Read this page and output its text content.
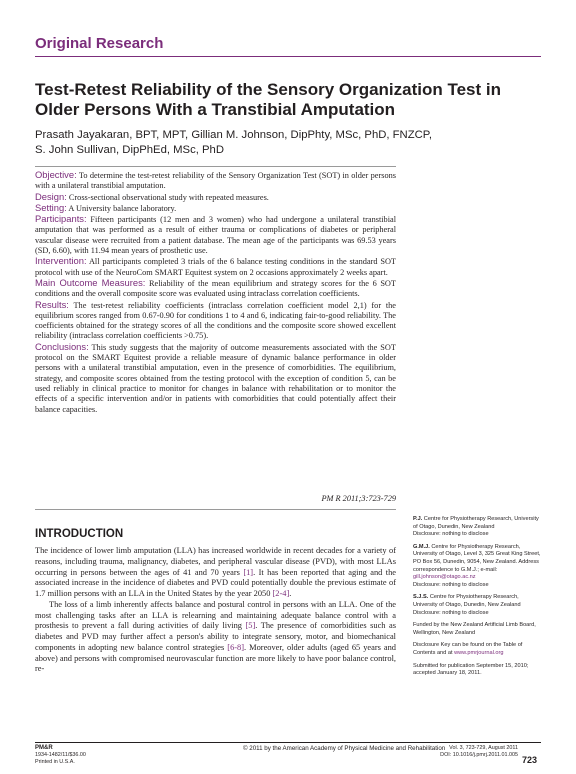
Original Research
Test-Retest Reliability of the Sensory Organization Test in Older Persons With a Transtibial Amputation
Prasath Jayakaran, BPT, MPT, Gillian M. Johnson, DipPhty, MSc, PhD, FNZCP,
S. John Sullivan, DipPhEd, MSc, PhD

Objective: To determine the test-retest reliability of the Sensory Organization Test (SOT) in older persons with a unilateral transtibial amputation.

Design: Cross-sectional observational study with repeated measures.

Setting: A University balance laboratory.

Participants: Fifteen participants (12 men and 3 women) who had undergone a unilateral transtibial amputation that was performed as a result of either trauma or complications of diabetes or peripheral vascular disease were recruited from a patient database. The mean age of the participants was 69.53 years (SD, 6.60), with 11.94 mean years of prosthetic use.

Intervention: All participants completed 3 trials of the 6 balance testing conditions in the standard SOT protocol with use of the NeuroCom SMART Equitest system on 2 occasions approximately 2 weeks apart.

Main Outcome Measures: Reliability of the mean equilibrium and strategy scores for the 6 SOT conditions and the overall composite score was evaluated using intraclass correlation coefficients.

Results: The test-retest reliability coefficients (intraclass correlation coefficient model 2,1) for the equilibrium scores ranged from 0.67-0.90 for conditions 1 to 4 and 6, indicating fair-to-good reliability. The coefficients obtained for the strategy scores of all the conditions and the composite score showed excellent reliability (intraclass correlation coefficients >0.75).

Conclusions: This study suggests that the majority of outcome measurements associated with the SOT protocol on the SMART Equitest provide a reliable measure of dynamic balance performance in older persons with a unilateral transtibial amputation, even in the presence of comorbidities. The equilibrium, strategy, and composite scores obtained from the testing protocol with the exception of condition 5, can be used reliably in clinical practice to monitor for changes in balance with rehabilitation or to monitor the effects of a specific intervention and/or in patients with comorbidities that could potentially affect their balance capacities.

PM R 2011;3:723-729
INTRODUCTION

The incidence of lower limb amputation (LLA) has increased worldwide in recent decades for a variety of reasons, including trauma, malignancy, diabetes, and peripheral vascular disease (PVD), with most LLAs occurring in persons between the ages of 41 and 70 years [1]. It has been reported that aging and the associated increase in the incidence of diabetes and PVD could potentially double the previous estimate of 1.7 million persons with an LLA in the United States by the year 2050 [2-4].

The loss of a limb inherently affects balance and postural control in persons with an LLA. One of the most challenging tasks after an LLA is relearning and maintaining adequate balance control with a prosthesis to prevent a fall during activities of daily living [5]. The presence of comorbidities such as diabetes and PVD may further affect a person's ability to integrate sensory, motor, and biomechanical components in adopting new balance control strategies [6-8]. Moreover, older adults (aged 65 years and above) and persons with compromised neurovascular function are more likely to have poor balance control, re-

P.J. Centre for Physiotherapy Research, University of Otago, Dunedin, New Zealand
Disclosure: nothing to disclose

G.M.J. Centre for Physiotherapy Research, University of Otago, Level 3, 325 Great King Street, PO Box 56, Dunedin, 9054, New Zealand. Address correspondence to G.M.J.; e-mail: gill.johnson@otago.ac.nz
Disclosure: nothing to disclose

S.J.S. Centre for Physiotherapy Research, University of Otago, Dunedin, New Zealand
Disclosure: nothing to disclose

Funded by the New Zealand Artificial Limb Board, Wellington, New Zealand

Disclosure Key can be found on the Table of Contents and at www.pmrjournal.org

Submitted for publication September 15, 2010; accepted January 18, 2011.

PM&R
1934-1482/11/$36.00
Printed in U.S.A.
© 2011 by the American Academy of Physical Medicine and Rehabilitation Vol. 3, 723-729, August 2011
DOI: 10.1016/j.pmrj.2011.01.005
723
